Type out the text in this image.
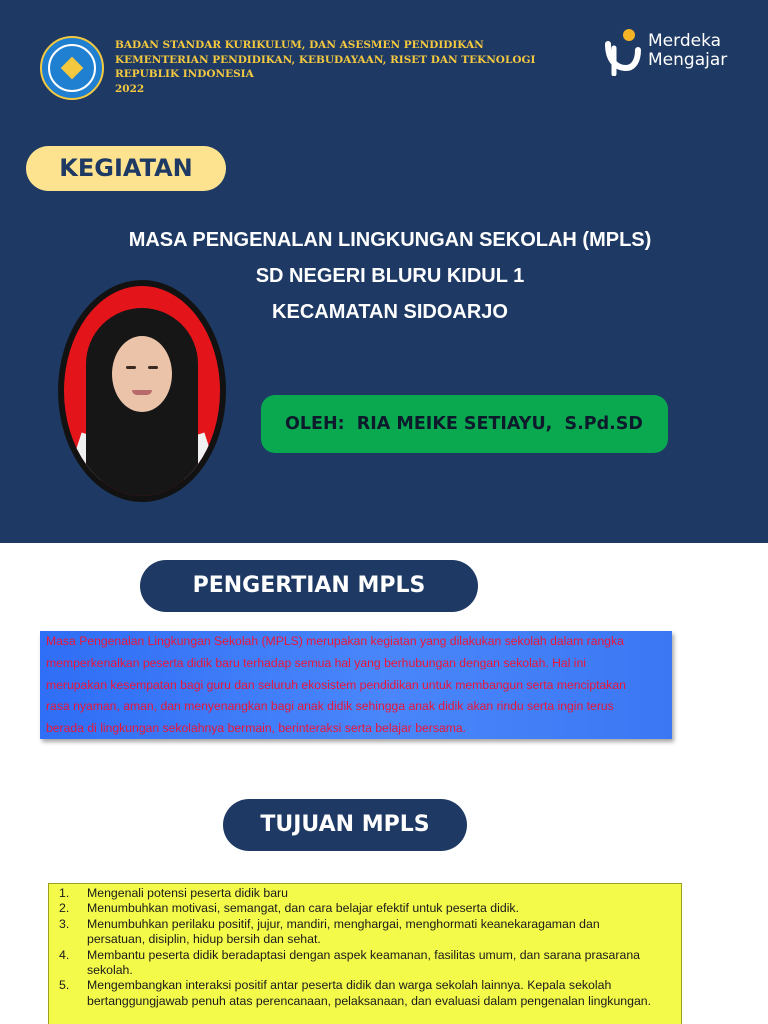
BADAN STANDAR KURIKULUM, DAN ASESMEN PENDIDIKAN
KEMENTERIAN PENDIDIKAN, KEBUDAYAAN, RISET DAN TEKNOLOGI
REPUBLIK INDONESIA
2022
Merdeka
Mengajar
KEGIATAN
MASA PENGENALAN LINGKUNGAN SEKOLAH (MPLS)
SD NEGERI BLURU KIDUL 1
KECAMATAN SIDOARJO
OLEH:  RIA MEIKE SETIAYU,  S.Pd.SD
PENGERTIAN MPLS
Masa Pengenalan Lingkungan Sekolah (MPLS) merupakan kegiatan yang dilakukan sekolah dalam rangka
memperkenalkan peserta didik baru terhadap semua hal yang berhubungan dengan sekolah. Hal ini
merupakan kesempatan bagi guru dan seluruh ekosistem pendidikan untuk membangun serta menciptakan
rasa nyaman, aman, dan menyenangkan bagi anak didik sehingga anak didik akan rindu serta ingin terus
berada di lingkungan sekolahnya bermain, berinteraksi serta belajar bersama.
TUJUAN MPLS
1.	Mengenali potensi peserta didik baru
2.	Menumbuhkan motivasi, semangat, dan cara belajar efektif untuk peserta didik.
3.	Menumbuhkan perilaku positif, jujur, mandiri, menghargai, menghormati keanekaragaman dan
persatuan, disiplin, hidup bersih dan sehat.
4.	Membantu peserta didik beradaptasi dengan aspek keamanan, fasilitas umum, dan sarana prasarana
sekolah.
5.	Mengembangkan interaksi positif antar peserta didik dan warga sekolah lainnya. Kepala sekolah
bertanggungjawab penuh atas perencanaan, pelaksanaan, dan evaluasi dalam pengenalan lingkungan.
